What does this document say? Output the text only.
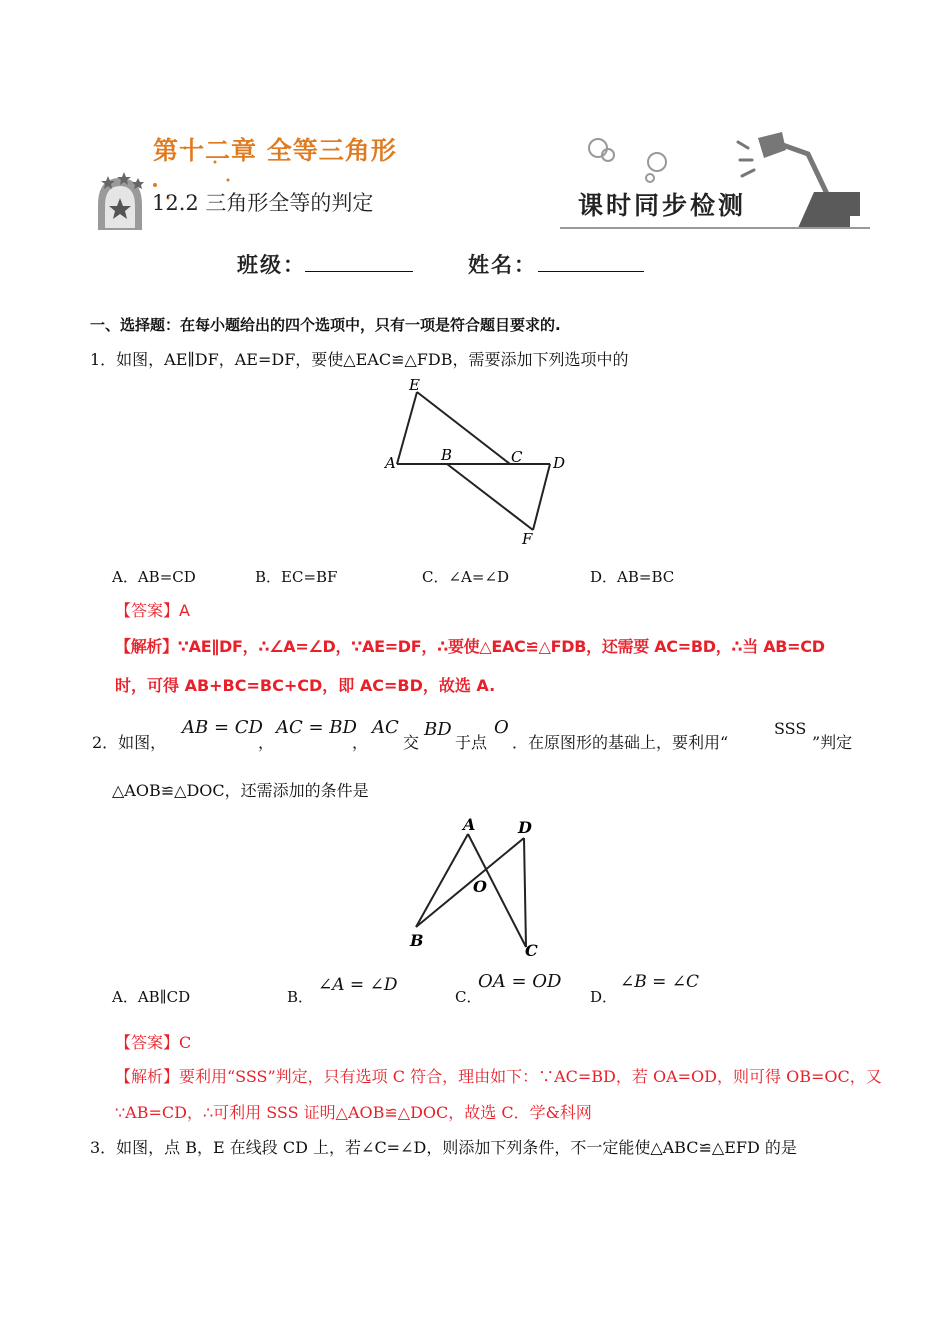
第十二章 全等三角形
12.2 三角形全等的判定	课时同步检测
班级：	姓名：
一、选择题：在每小题给出的四个选项中，只有一项是符合题目要求的.
1．如图，AE∥DF，AE=DF，要使△EAC≌△FDB，需要添加下列选项中的
E
A	B	C D
F
A．AB=CD	B．EC=BF	C．∠A=∠D	D．AB=BC
【答案】A
【解析】∵AE∥DF，∴∠A=∠D，∵AE=DF，∴要使△EAC≌△FDB，还需要 AC=BD，∴当 AB=CD
时，可得 AB+BC=BC+CD，即 AC=BD，故选 A.
2．如图，
AB = CD
，
AC = BD
，
AC
交
BD
于点
O
．在原图形的基础上，要利用“
SSS
”判定
△AOB≌△DOC，还需添加的条件是
A	D
O
B
C
A．AB∥CD	B．
∠A = ∠D
C．
OA = OD
D．
∠B = ∠C
【答案】C
【解析】要利用“SSS”判定，只有选项 C 符合，理由如下：∵AC=BD，若 OA=OD，则可得 OB=OC，又
∵AB=CD，∴可利用 SSS 证明△AOB≌△DOC，故选 C．学&科网
3．如图，点 B，E 在线段 CD 上，若∠C=∠D，则添加下列条件，不一定能使△ABC≌△EFD 的是
